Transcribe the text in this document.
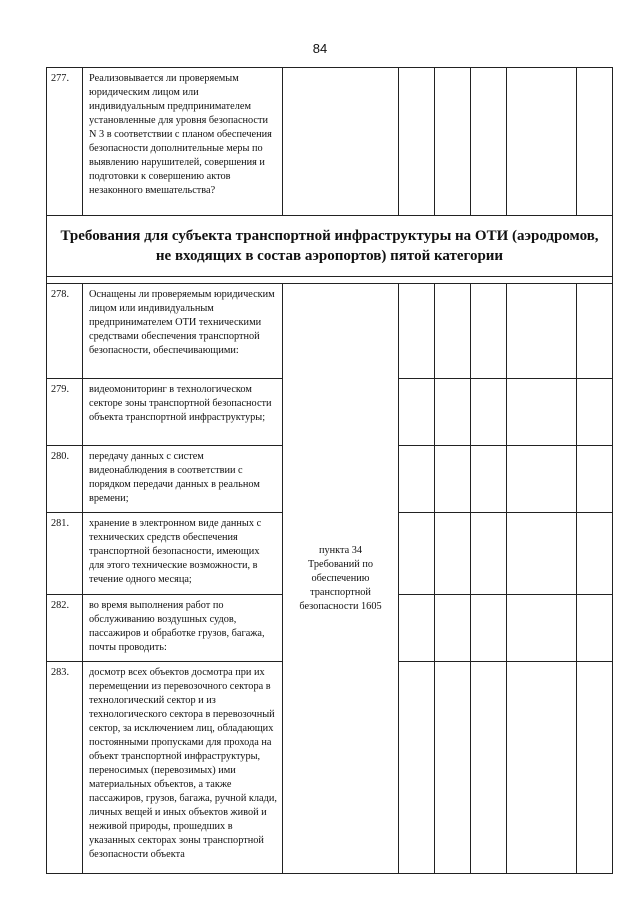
84
277.	Реализовывается ли проверяемым юридическим лицом или индивидуальным предпринимателем установленные для уровня безопасности N 3 в соответствии с планом обеспечения безопасности дополнительные меры по выявлению нарушителей, совершения и подготовки к совершению актов незаконного вмешательства?						
Требования для субъекта транспортной инфраструктуры на ОТИ (аэродромов, не входящих в состав аэропортов) пятой категории							

278.	Оснащены ли проверяемым юридическим лицом или индивидуальным предпринимателем ОТИ техническими средствами обеспечения транспортной безопасности, обеспечивающими:	пункта 34 Требований по обеспечению транспортной безопасности 1605					
279.	видеомониторинг в технологическом секторе зоны транспортной безопасности объекта транспортной инфраструктуры;						
280.	передачу данных с систем видеонаблюдения в соответствии с порядком передачи данных в реальном времени;						
281.	хранение в электронном виде данных с технических средств обеспечения транспортной безопасности, имеющих для этого технические возможности, в течение одного месяца;						
282.	во время выполнения работ по обслуживанию воздушных судов, пассажиров и обработке грузов, багажа, почты проводить:						
283.	досмотр всех объектов досмотра при их перемещении из перевозочного сектора в технологический сектор и из технологического сектора в перевозочный сектор, за исключением лиц, обладающих постоянными пропусками для прохода на объект транспортной инфраструктуры, переносимых (перевозимых) ими материальных объектов, а также пассажиров, грузов, багажа, ручной клади, личных вещей и иных объектов живой и неживой природы, прошедших в указанных секторах зоны транспортной безопасности объекта						
